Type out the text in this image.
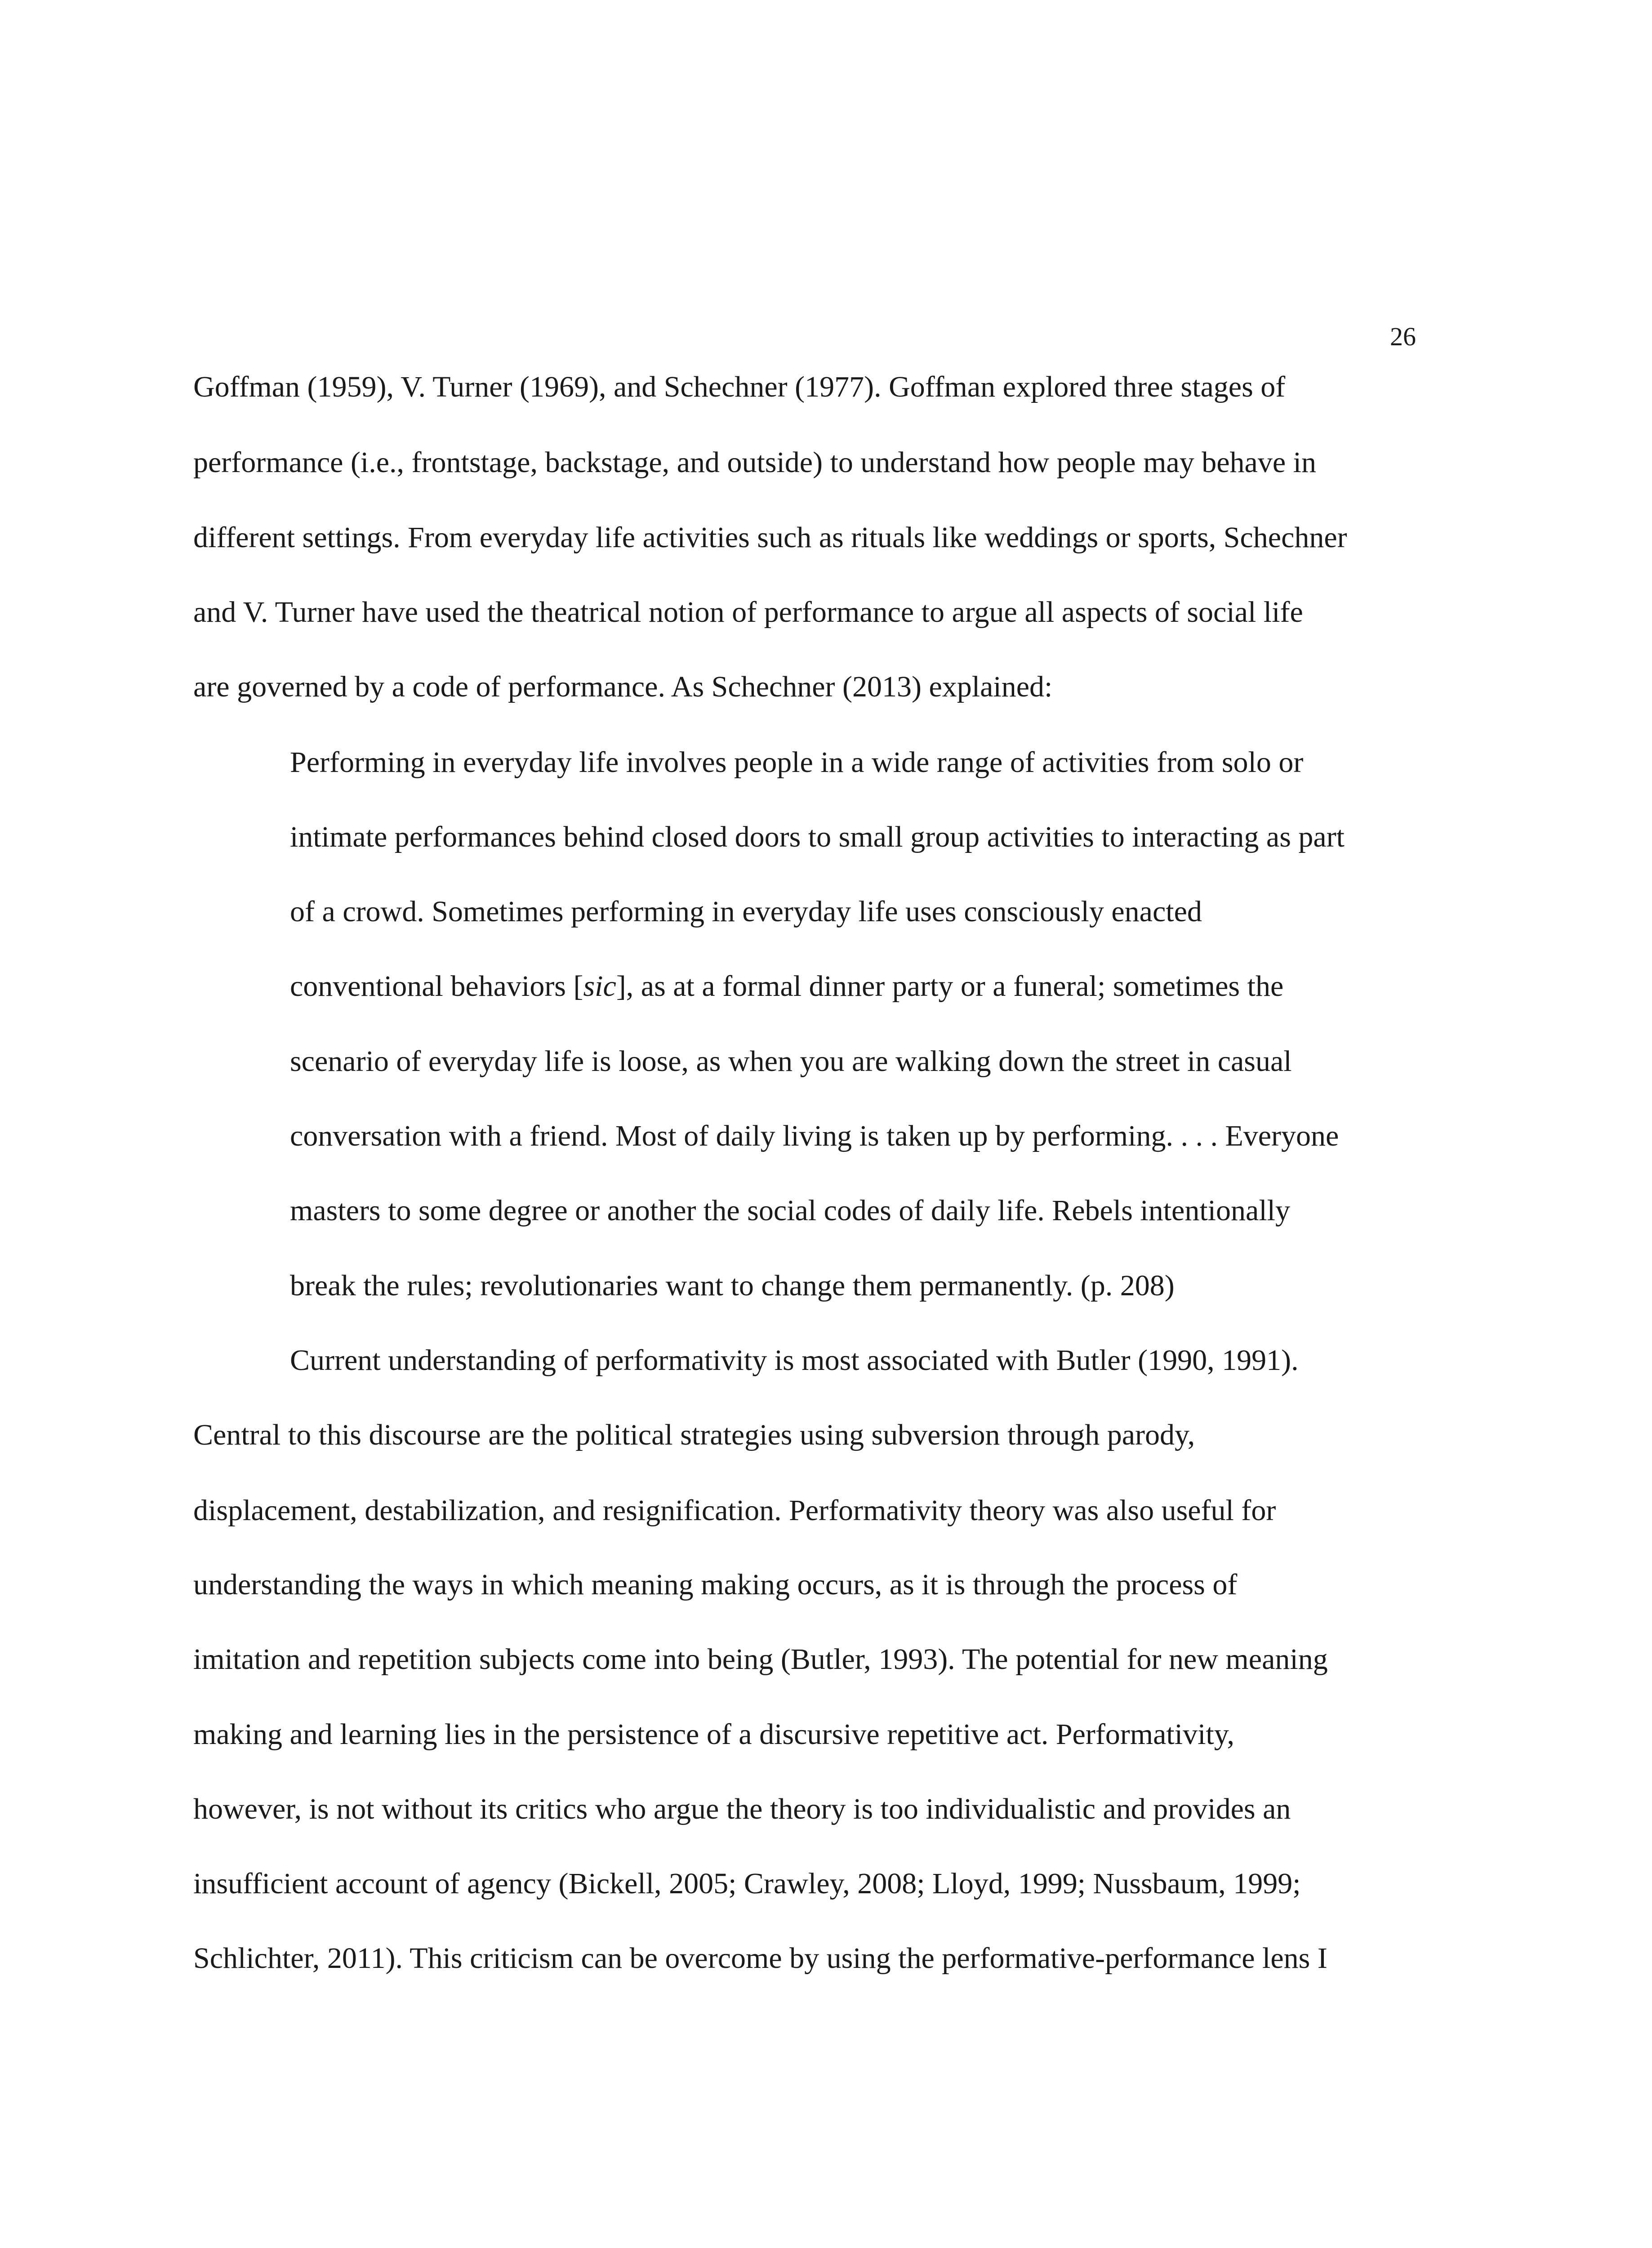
26
Goffman (1959), V. Turner (1969), and Schechner (1977). Goffman explored three stages of
performance (i.e., frontstage, backstage, and outside) to understand how people may behave in
different settings. From everyday life activities such as rituals like weddings or sports, Schechner
and V. Turner have used the theatrical notion of performance to argue all aspects of social life
are governed by a code of performance. As Schechner (2013) explained:
Performing in everyday life involves people in a wide range of activities from solo or
intimate performances behind closed doors to small group activities to interacting as part
of a crowd. Sometimes performing in everyday life uses consciously enacted
conventional behaviors [sic], as at a formal dinner party or a funeral; sometimes the
scenario of everyday life is loose, as when you are walking down the street in casual
conversation with a friend. Most of daily living is taken up by performing. . . . Everyone
masters to some degree or another the social codes of daily life. Rebels intentionally
break the rules; revolutionaries want to change them permanently. (p. 208)
Current understanding of performativity is most associated with Butler (1990, 1991).
Central to this discourse are the political strategies using subversion through parody,
displacement, destabilization, and resignification. Performativity theory was also useful for
understanding the ways in which meaning making occurs, as it is through the process of
imitation and repetition subjects come into being (Butler, 1993). The potential for new meaning
making and learning lies in the persistence of a discursive repetitive act. Performativity,
however, is not without its critics who argue the theory is too individualistic and provides an
insufficient account of agency (Bickell, 2005; Crawley, 2008; Lloyd, 1999; Nussbaum, 1999;
Schlichter, 2011). This criticism can be overcome by using the performative-performance lens I
